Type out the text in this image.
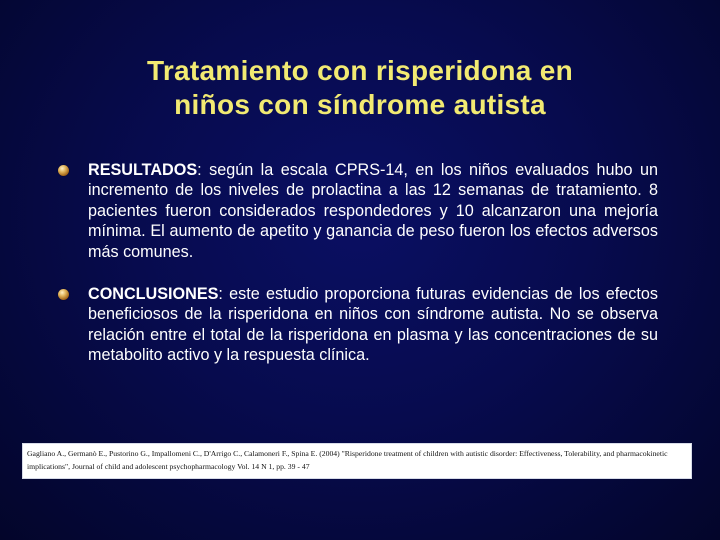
Tratamiento con risperidona en
niños con síndrome autista
RESULTADOS: según la escala CPRS-14, en los niños evaluados hubo un incremento de los niveles de prolactina a las 12 semanas de tratamiento. 8 pacientes fueron considerados respondedores y 10 alcanzaron una mejoría mínima. El aumento de apetito y ganancia de peso fueron los efectos adversos más comunes.
CONCLUSIONES: este estudio proporciona futuras evidencias de los efectos beneficiosos de la risperidona en niños con síndrome autista. No se observa relación entre el total de la risperidona en plasma y las concentraciones de su metabolito activo y la respuesta clínica.
Gagliano A., Germanò E., Pustorino G., Impallomeni C., D'Arrigo C., Calamoneri F., Spina E. (2004) "Risperidone treatment of children with autistic disorder: Effectiveness, Tolerability, and pharmacokinetic implications", Journal of child and adolescent psychopharmacology Vol. 14 N 1, pp. 39 - 47
